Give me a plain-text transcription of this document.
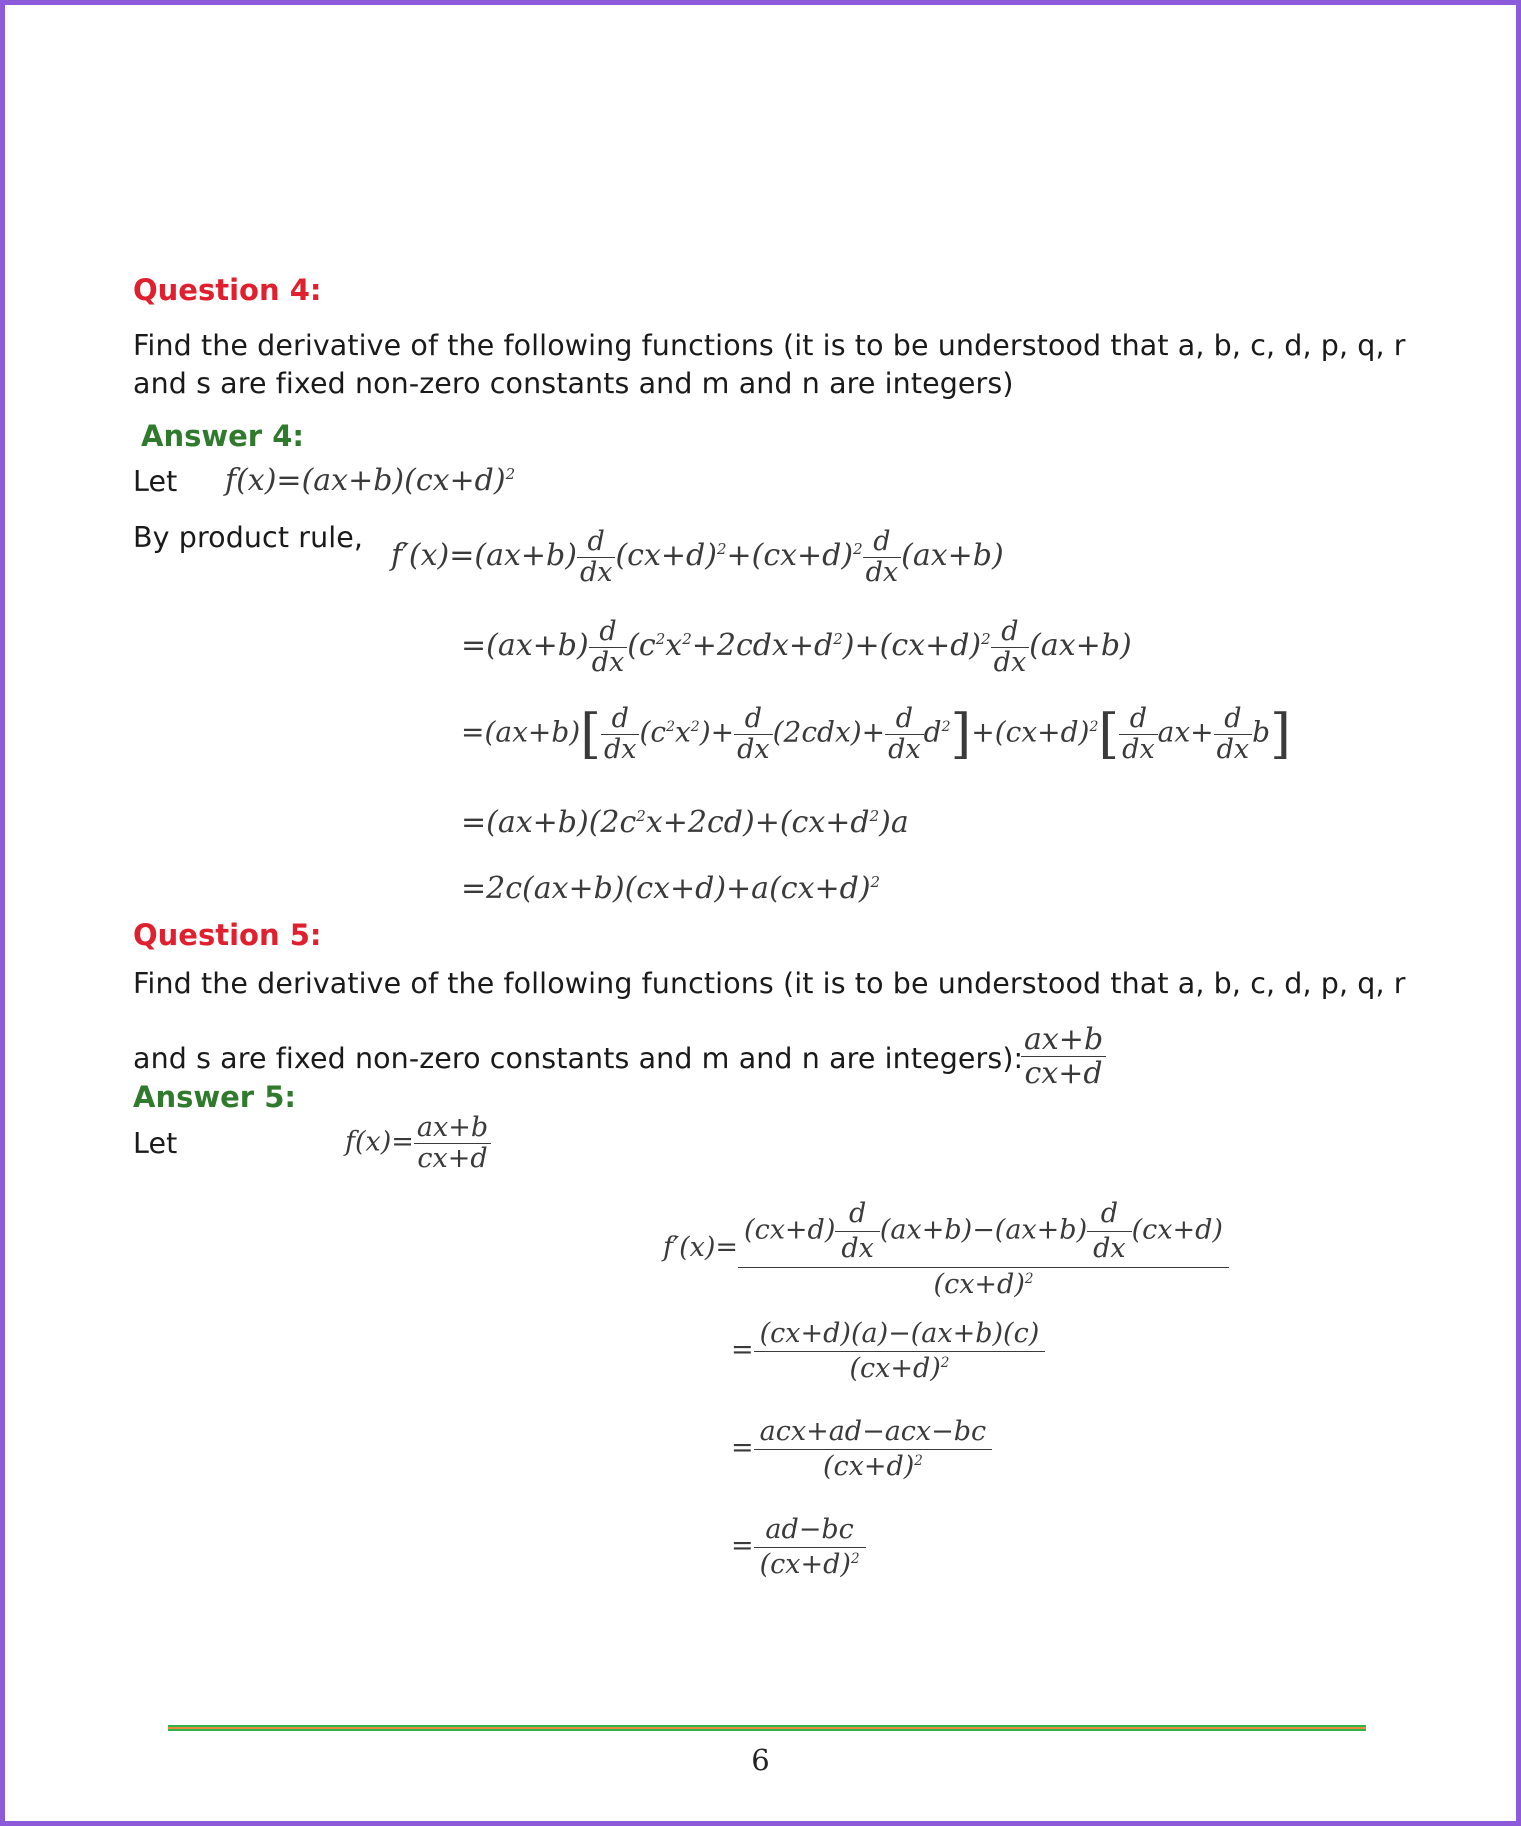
Question 4:

Find the derivative of the following functions (it is to be understood that a, b, c, d, p, q, r and s are fixed non-zero constants and m and n are integers)

Answer 4:
Let $f(x)=(ax+b)(cx+d)^2$
By product rule,
$f'(x)=(ax+b) \frac{d}{dx} (cx+d)^2+(cx+d)^2 \frac{d}{dx} (ax+b)$
$=(ax+b) \frac{d}{dx} (c^2x^2+2cdx+d^2)+(cx+d)^2 \frac{d}{dx} (ax+b)$
$=(ax+b)[ \frac{d}{dx} (c^2x^2)+ \frac{d}{dx} (2cdx)+ \frac{d}{dx} d^2]+(cx+d)^2[ \frac{d}{dx} ax+ \frac{d}{dx} b]$
$=(ax+b)(2c^2x+2cd)+(cx+d^2)a$
$=2c(ax+b)(cx+d)+a(cx+d)^2$
Question 5:
Find the derivative of the following functions (it is to be understood that a, b, c, d, p, q, r
and s are fixed non-zero constants and m and n are integers):
$\frac{ax+b}{cx+d}$
Answer 5:
Let	$f(x)= \frac{ax+b}{cx+d}$
$f'(x)= \frac{(cx+d) \frac{d}{dx} (ax+b)-(ax+b) \frac{d}{dx} (cx+d)}{(cx+d)^2}$
= $\frac{(cx+d)(a)-(ax+b)(c)}{(cx+d)^2}$
= $\frac{\text{acx+ad−acx−bc}}{(cx+d)^2}$
= $\frac{ad-bc}{(cx+d)^2}$
6
